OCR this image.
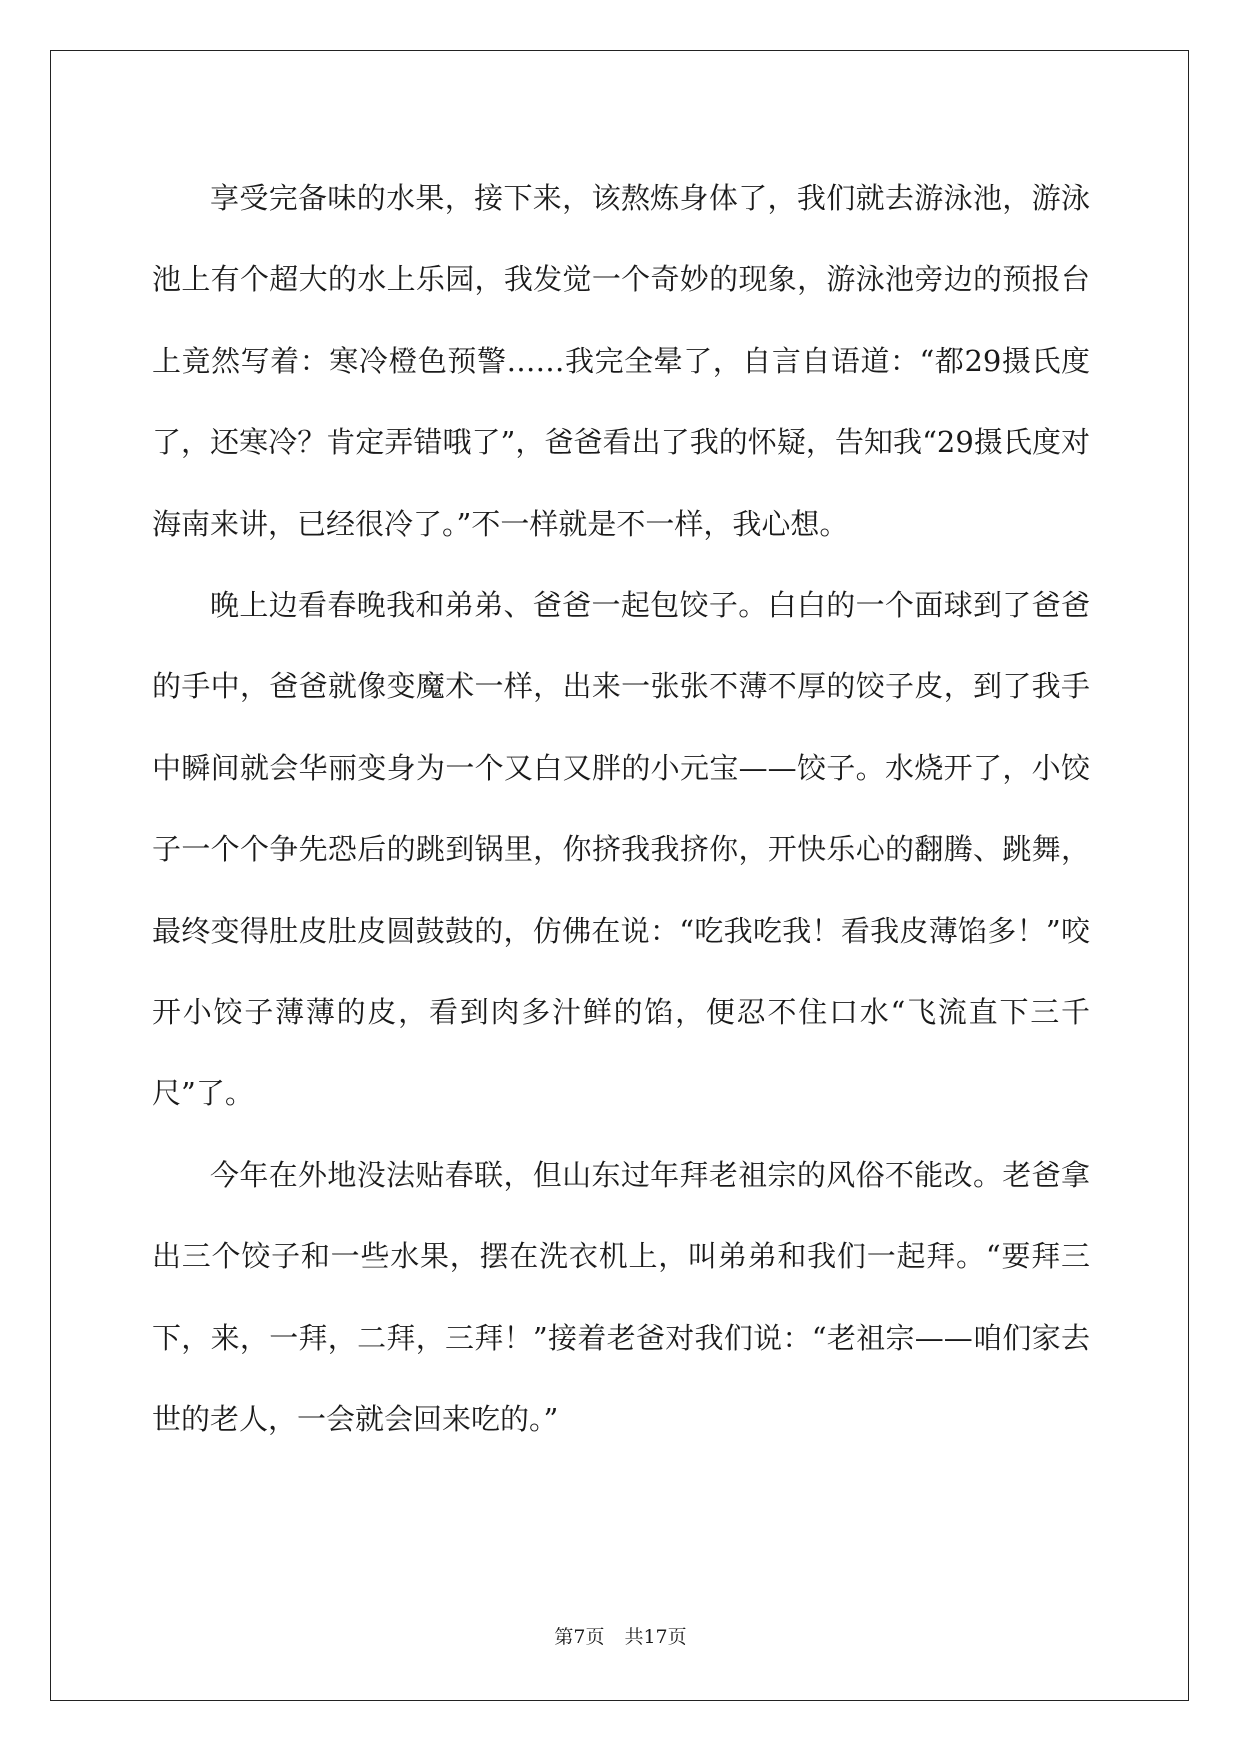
享受完备味的水果，接下来，该熬炼身体了，我们就去游泳池，游泳池上有个超大的水上乐园，我发觉一个奇妙的现象，游泳池旁边的预报台上竟然写着：寒冷橙色预警……我完全晕了，自言自语道：“都29摄氏度了，还寒冷？肯定弄错哦了”，爸爸看出了我的怀疑，告知我“29摄氏度对海南来讲，已经很冷了。”不一样就是不一样，我心想。

晚上边看春晚我和弟弟、爸爸一起包饺子。白白的一个面球到了爸爸的手中，爸爸就像变魔术一样，出来一张张不薄不厚的饺子皮，到了我手中瞬间就会华丽变身为一个又白又胖的小元宝——饺子。水烧开了，小饺子一个个争先恐后的跳到锅里，你挤我我挤你，开快乐心的翻腾、跳舞，最终变得肚皮肚皮圆鼓鼓的，仿佛在说：“吃我吃我！看我皮薄馅多！”咬开小饺子薄薄的皮，看到肉多汁鲜的馅，便忍不住口水“飞流直下三千尺”了。

今年在外地没法贴春联，但山东过年拜老祖宗的风俗不能改。老爸拿出三个饺子和一些水果，摆在洗衣机上，叫弟弟和我们一起拜。“要拜三下，来，一拜，二拜，三拜！”接着老爸对我们说：“老祖宗——咱们家去世的老人，一会就会回来吃的。”

第7页 共17页
